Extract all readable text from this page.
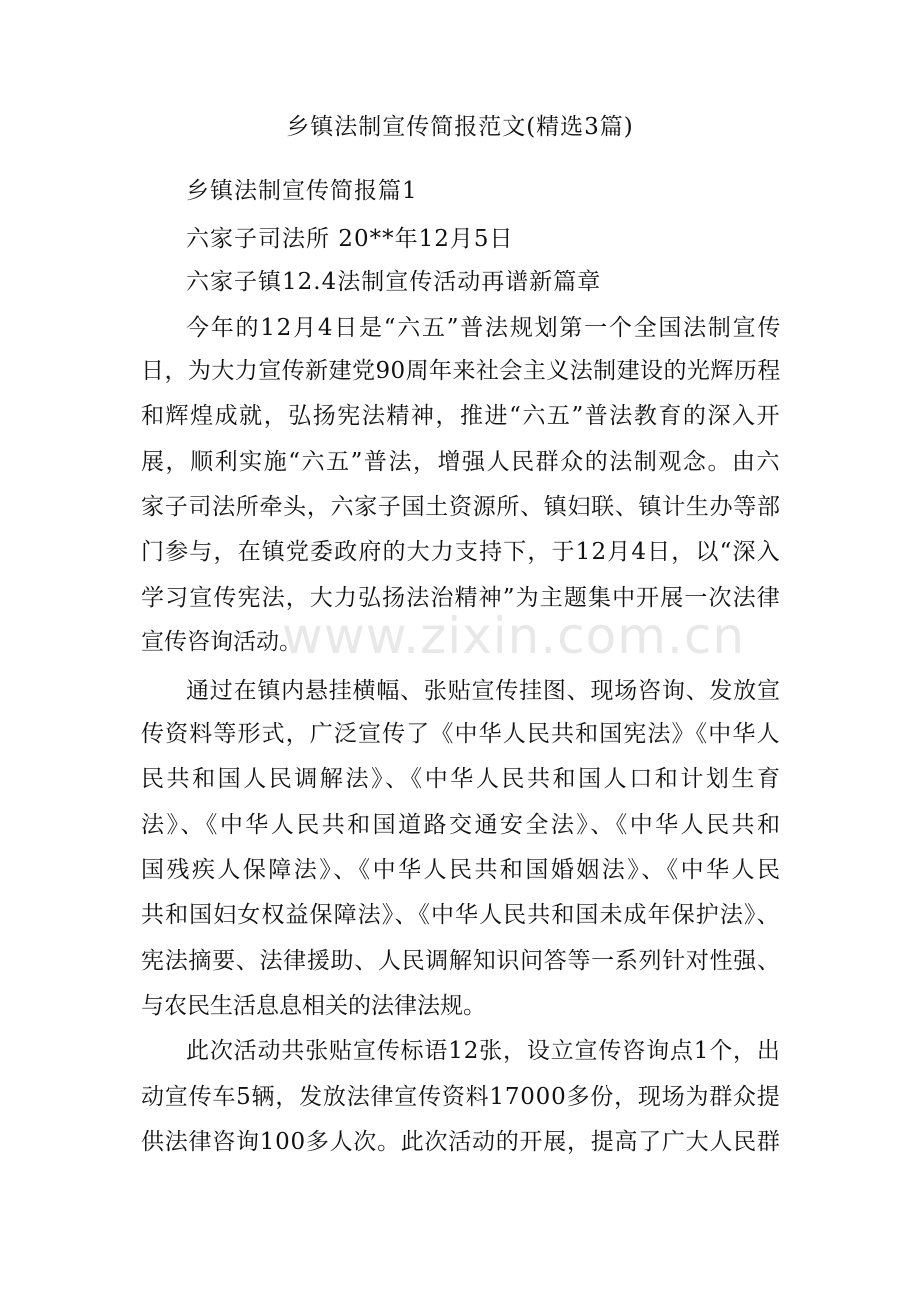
乡镇法制宣传简报范文(精选3篇)
乡镇法制宣传简报篇1
六家子司法所 20**年12月5日
六家子镇12.4法制宣传活动再谱新篇章
今年的12月4日是“六五”普法规划第一个全国法制宣传
日，为大力宣传新建党90周年来社会主义法制建设的光辉历程
和辉煌成就，弘扬宪法精神，推进“六五”普法教育的深入开
展，顺利实施“六五”普法，增强人民群众的法制观念。由六
家子司法所牵头，六家子国土资源所、镇妇联、镇计生办等部
门参与，在镇党委政府的大力支持下，于12月4日，以“深入
学习宣传宪法，大力弘扬法治精神”为主题集中开展一次法律
宣传咨询活动。
通过在镇内悬挂横幅、张贴宣传挂图、现场咨询、发放宣
传资料等形式，广泛宣传了《中华人民共和国宪法》《中华人
民共和国人民调解法》、《中华人民共和国人口和计划生育
法》、《中华人民共和国道路交通安全法》、《中华人民共和
国残疾人保障法》、《中华人民共和国婚姻法》、《中华人民
共和国妇女权益保障法》、《中华人民共和国未成年保护法》、
宪法摘要、法律援助、人民调解知识问答等一系列针对性强、
与农民生活息息相关的法律法规。
此次活动共张贴宣传标语12张，设立宣传咨询点1个，出
动宣传车5辆，发放法律宣传资料17000多份，现场为群众提
供法律咨询100多人次。此次活动的开展，提高了广大人民群
www.zixin.com.cn
